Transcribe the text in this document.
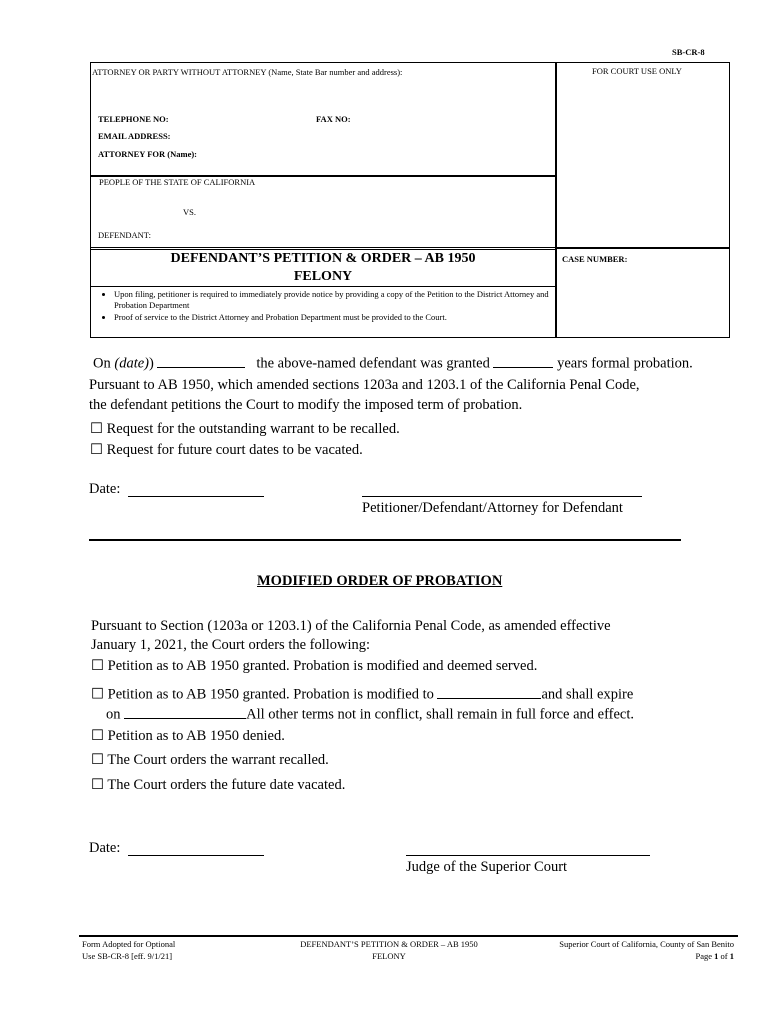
SB-CR-8
ATTORNEY OR PARTY WITHOUT ATTORNEY (Name, State Bar number and address):	FOR COURT USE ONLY
TELEPHONE NO:	FAX NO:
EMAIL ADDRESS:
ATTORNEY FOR (Name):
PEOPLE OF THE STATE OF CALIFORNIA
VS.
DEFENDANT:
DEFENDANT’S PETITION & ORDER – AB 1950
FELONY
CASE NUMBER:
• Upon filing, petitioner is required to immediately provide notice by providing a copy of the Petition to the District Attorney and Probation Department
• Proof of service to the District Attorney and Probation Department must be provided to the Court.
On (date))	the above-named defendant was granted	years formal probation.
Pursuant to AB 1950, which amended sections 1203a and 1203.1 of the California Penal Code,
the defendant petitions the Court to modify the imposed term of probation.
☐ Request for the outstanding warrant to be recalled.
☐ Request for future court dates to be vacated.
Date:
Petitioner/Defendant/Attorney for Defendant
MODIFIED ORDER OF PROBATION
Pursuant to Section (1203a or 1203.1) of the California Penal Code, as amended effective
January 1, 2021, the Court orders the following:
☐ Petition as to AB 1950 granted. Probation is modified and deemed served.
☐ Petition as to AB 1950 granted. Probation is modified to	and shall expire
on	All other terms not in conflict, shall remain in full force and effect.
☐ Petition as to AB 1950 denied.
☐ The Court orders the warrant recalled.
☐ The Court orders the future date vacated.
Date:
Judge of the Superior Court
Form Adopted for Optional
Use SB-CR-8 [eff. 9/1/21]
DEFENDANT’S PETITION & ORDER – AB 1950
FELONY
Superior Court of California, County of San Benito
Page 1 of 1
